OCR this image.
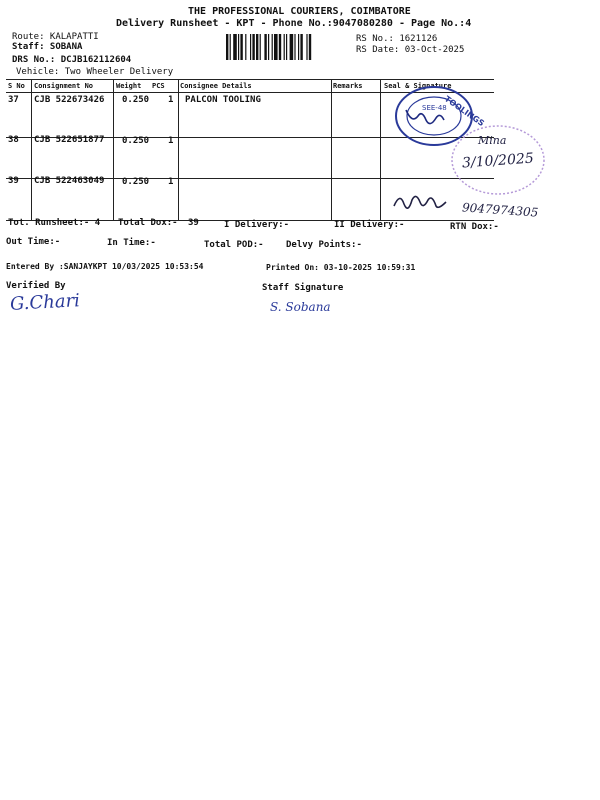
THE PROFESSIONAL COURIERS, COIMBATORE
Delivery Runsheet - KPT - Phone No.:9047080280 - Page No.:4
Route: KALAPATTI
Staff: SOBANA
DRS No.: DCJB162112604
Vehicle: Two Wheeler Delivery
RS No.: 1621126
RS Date: 03-Oct-2025
S No Consignment No	Weight PCS Consignee Details	Remarks	Seal & Signature
37 CJB 522673426 0.250 1 PALCON TOOLING
38 CJB 522651877 0.250 1
39 CJB 522463049 0.250 1
TOOLINGS
SEE-48
Mina
3/10/2025
9047974305
Tot. Runsheet:- 4 Total Dox:- 39	I Delivery:-	II Delivery:-	RTN Dox:-
Out Time:-	In Time:-	Total POD:- Delvy Points:-
Entered By :SANJAYKPT 10/03/2025 10:53:54	Printed On: 03-10-2025 10:59:31
Verified By	Staff Signature
G.Chari	S. Sobana
